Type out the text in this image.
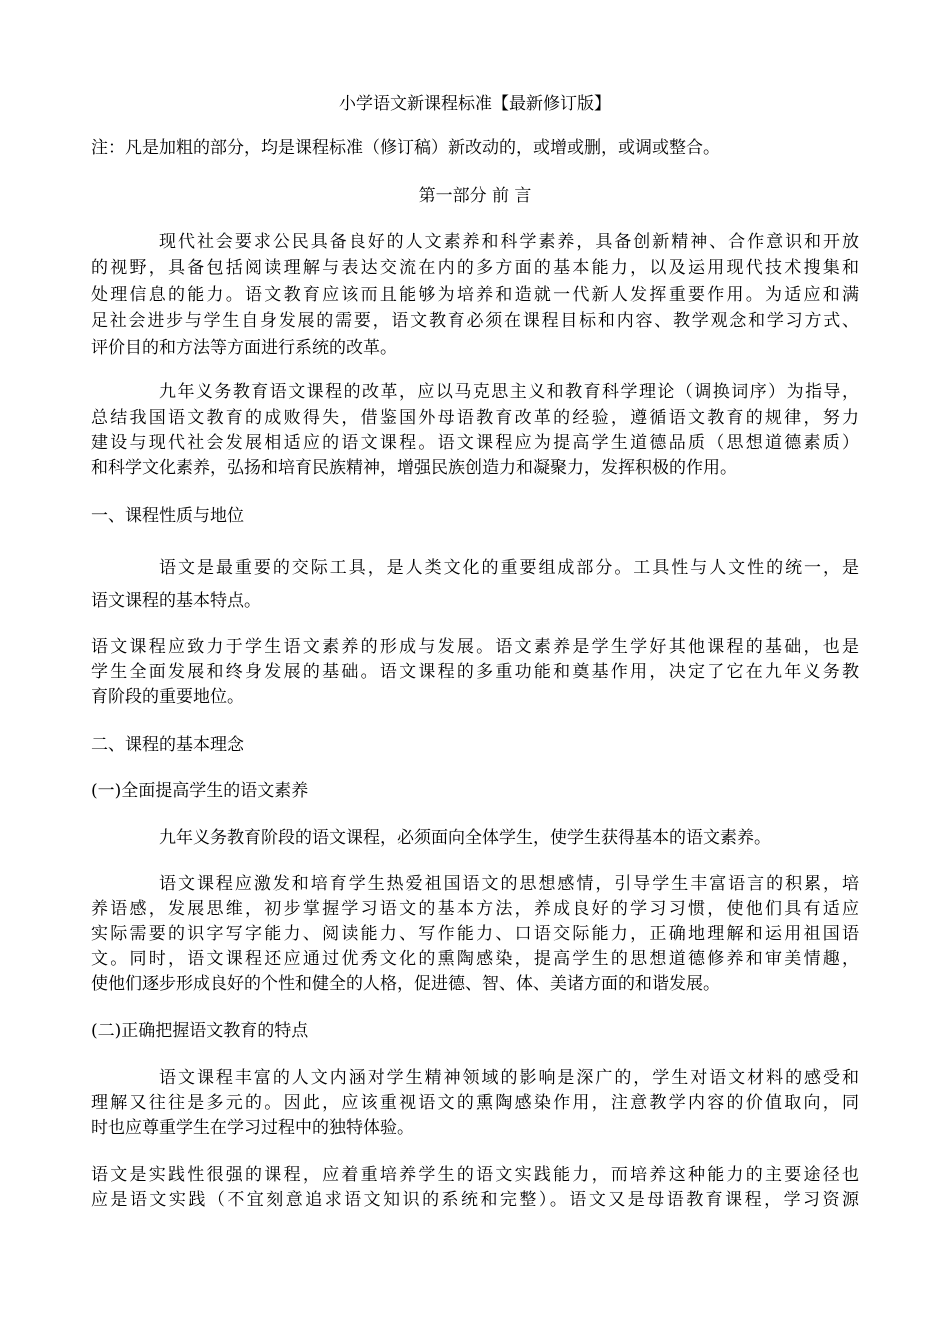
小学语文新课程标准【最新修订版】
注：凡是加粗的部分，均是课程标准（修订稿）新改动的，或增或删，或调或整合。
第一部分 前 言
现代社会要求公民具备良好的人文素养和科学素养，具备创新精神、合作意识和开放
的视野，具备包括阅读理解与表达交流在内的多方面的基本能力，以及运用现代技术搜集和
处理信息的能力。语文教育应该而且能够为培养和造就一代新人发挥重要作用。为适应和满
足社会进步与学生自身发展的需要，语文教育必须在课程目标和内容、教学观念和学习方式、
评价目的和方法等方面进行系统的改革。
九年义务教育语文课程的改革，应以马克思主义和教育科学理论（调换词序）为指导，
总结我国语文教育的成败得失，借鉴国外母语教育改革的经验，遵循语文教育的规律，努力
建设与现代社会发展相适应的语文课程。语文课程应为提高学生道德品质（思想道德素质）
和科学文化素养，弘扬和培育民族精神，增强民族创造力和凝聚力，发挥积极的作用。
一、课程性质与地位
语文是最重要的交际工具，是人类文化的重要组成部分。工具性与人文性的统一，是
语文课程的基本特点。
语文课程应致力于学生语文素养的形成与发展。语文素养是学生学好其他课程的基础，也是
学生全面发展和终身发展的基础。语文课程的多重功能和奠基作用，决定了它在九年义务教
育阶段的重要地位。
二、课程的基本理念
(一)全面提高学生的语文素养
九年义务教育阶段的语文课程，必须面向全体学生，使学生获得基本的语文素养。
语文课程应激发和培育学生热爱祖国语文的思想感情，引导学生丰富语言的积累，培
养语感，发展思维，初步掌握学习语文的基本方法，养成良好的学习习惯，使他们具有适应
实际需要的识字写字能力、阅读能力、写作能力、口语交际能力，正确地理解和运用祖国语
文。同时，语文课程还应通过优秀文化的熏陶感染，提高学生的思想道德修养和审美情趣，
使他们逐步形成良好的个性和健全的人格，促进德、智、体、美诸方面的和谐发展。
(二)正确把握语文教育的特点
语文课程丰富的人文内涵对学生精神领域的影响是深广的，学生对语文材料的感受和
理解又往往是多元的。因此，应该重视语文的熏陶感染作用，注意教学内容的价值取向，同
时也应尊重学生在学习过程中的独特体验。
语文是实践性很强的课程，应着重培养学生的语文实践能力，而培养这种能力的主要途径也
应是语文实践（不宜刻意追求语文知识的系统和完整）。语文又是母语教育课程，学习资源
